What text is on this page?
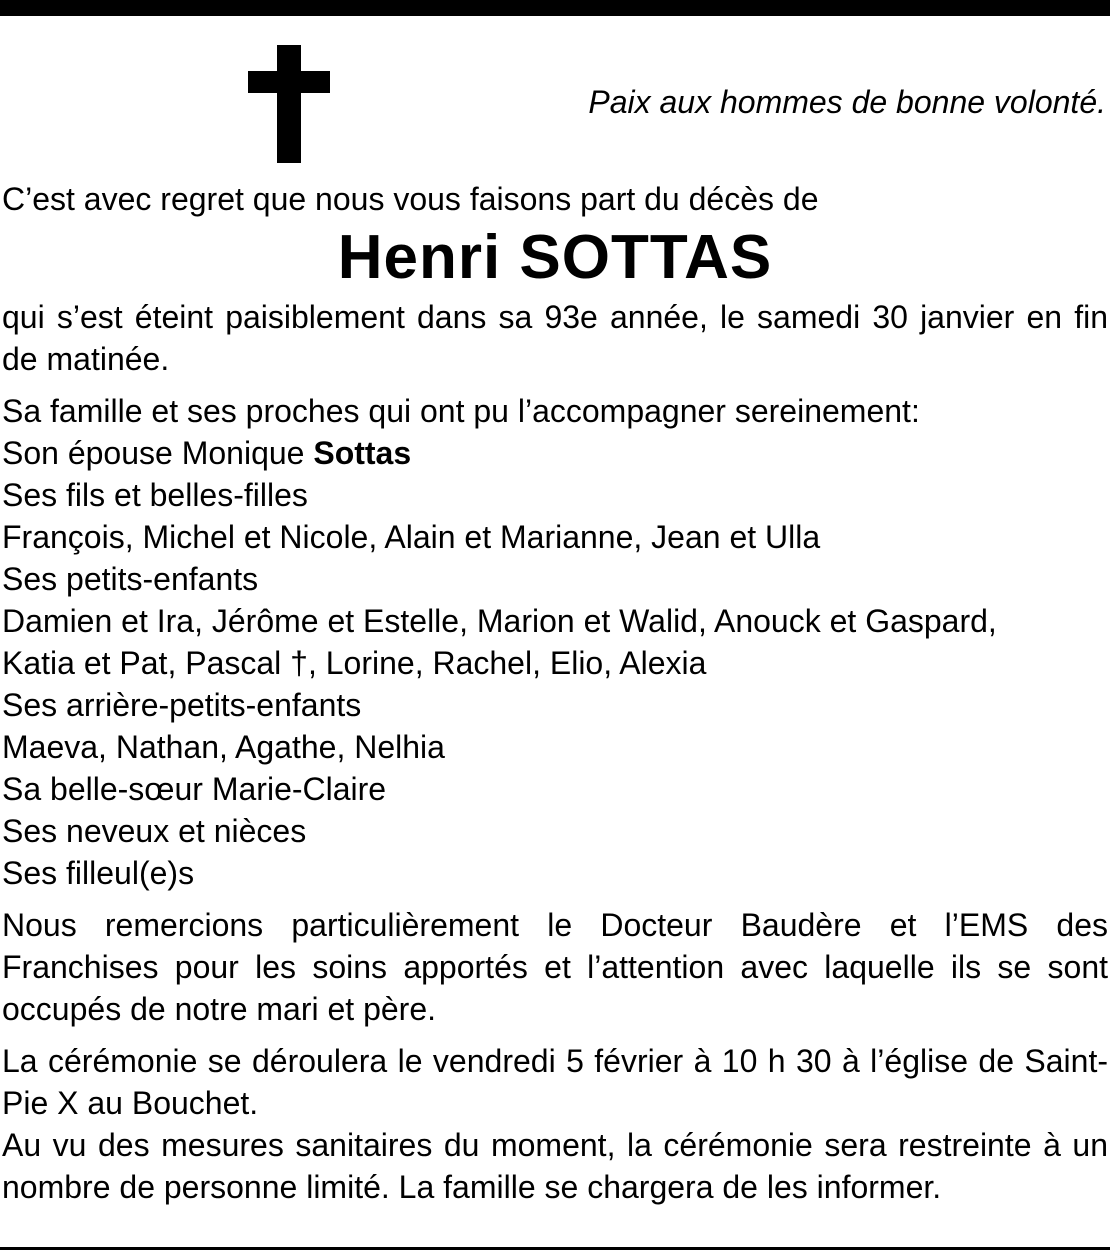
Paix aux hommes de bonne volonté.

C’est avec regret que nous vous faisons part du décès de

Henri SOTTAS

qui s’est éteint paisiblement dans sa 93e année, le samedi 30 janvier en fin de matinée.

Sa famille et ses proches qui ont pu l’accompagner sereinement:

Son épouse Monique Sottas

Ses fils et belles-filles
François, Michel et Nicole, Alain et Marianne, Jean et Ulla
Ses petits-enfants
Damien et Ira, Jérôme et Estelle, Marion et Walid, Anouck et Gaspard,
Katia et Pat, Pascal †, Lorine, Rachel, Elio, Alexia
Ses arrière-petits-enfants
Maeva, Nathan, Agathe, Nelhia
Sa belle-sœur Marie-Claire
Ses neveux et nièces
Ses filleul(e)s

Nous remercions particulièrement le Docteur Baudère et l’EMS des Franchises pour les soins apportés et l’attention avec laquelle ils se sont occupés de notre mari et père.

La cérémonie se déroulera le vendredi 5 février à 10 h 30 à l’église de Saint-Pie X au Bouchet.

Au vu des mesures sanitaires du moment, la cérémonie sera restreinte à un nombre de personne limité. La famille se chargera de les informer.
